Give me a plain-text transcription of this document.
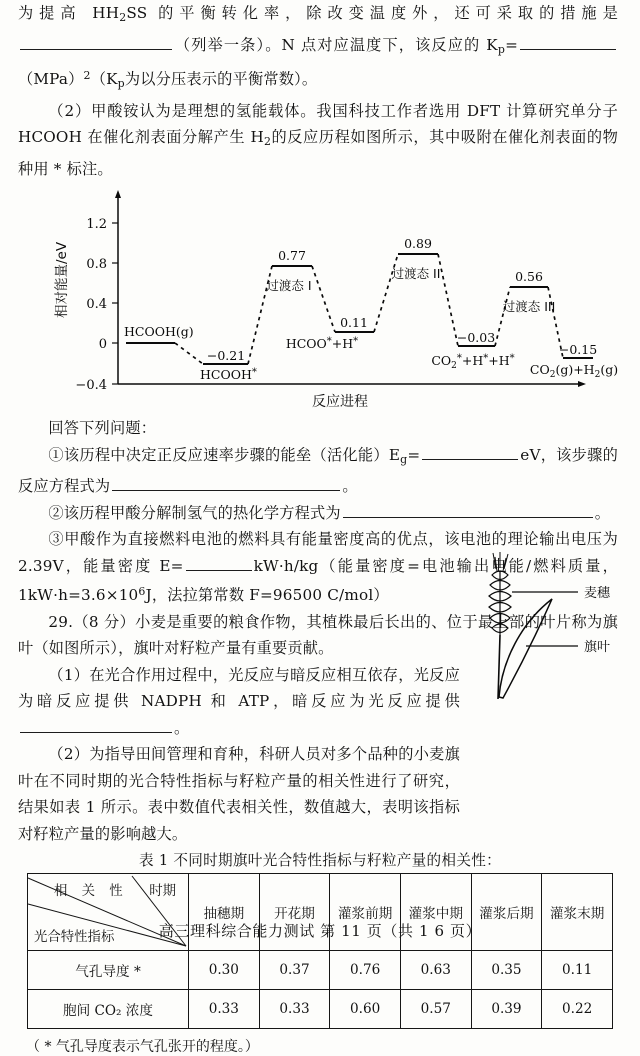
为提高 $HH_2SS$ 的平衡转化率，除改变温度外，还可采取的措施是（列举一条）。N 点对应温度下，该反应的 $K_p=(MPa)^2(K_p$为以分压表示的平衡常数）。

（2）甲酸铵认为是理想的氢能载体。我国科技工作者选用 DFT 计算研究单分子 HCOOH 在催化剂表面分解产生 $H_2$的反应历程如图所示，其中吸附在催化剂表面的物种用 * 标注。

1.2
0.8
0.4
0
−0.4
相对能量/eV
−0.21
0.77
0.11
0.89
−0.03
0.56
−0.15
HCOOH(g)
HCOOH*
HCOO*+H*
$CO_2^*+H^*+H^*$
$CO_2(g)+H_2(g)$
过渡态 I
过渡态 II
过渡态 III
反应进程

回答下列问题：

①该历程中决定正反应速率步骤的能垒（活化能）$E_g=$	eV，该步骤的反应方程式为	。

②该历程甲酸分解制氢气的热化学方程式为	。

③甲酸作为直接燃料电池的燃料具有能量密度高的优点，该电池的理论输出电压为 2.39V，能量密度 E=	kW·h/kg（能量密度=电池输出电能/燃料质量，$1kW\cdot h=3.6\times 10^6J$，法拉第常数 F=96500 C/mol）

29.（8 分）小麦是重要的粮食作物，其植株最后长出的、位于最上部的叶片称为旗叶（如图所示），旗叶对籽粒产量有重要贡献。

（1）在光合作用过程中，光反应与暗反应相互依存，光反应为暗反应提供 NADPH 和 ATP，暗反应为光反应提供。

（2）为指导田间管理和育种，科研人员对多个品种的小麦旗叶在不同时期的光合特性指标与籽粒产量的相关性进行了研究，结果如表 1 所示。表中数值代表相关性，数值越大，表明该指标对籽粒产量的影响越大。

麦穗
旗叶
表 1 不同时期旗叶光合特性指标与籽粒产量的相关性：
相 关 性 时期
光合特性指标	抽穗期	开花期	灌浆前期	灌浆中期	灌浆后期	灌浆末期
气孔导度 *	0.30	0.37	0.76	0.63	0.35	0.11
胞间 CO₂ 浓度	0.33	0.33	0.60	0.57	0.39	0.22
（ * 气孔导度表示气孔张开的程度。）
高三理科综合能力测试 第 11 页（共 1 6 页）
